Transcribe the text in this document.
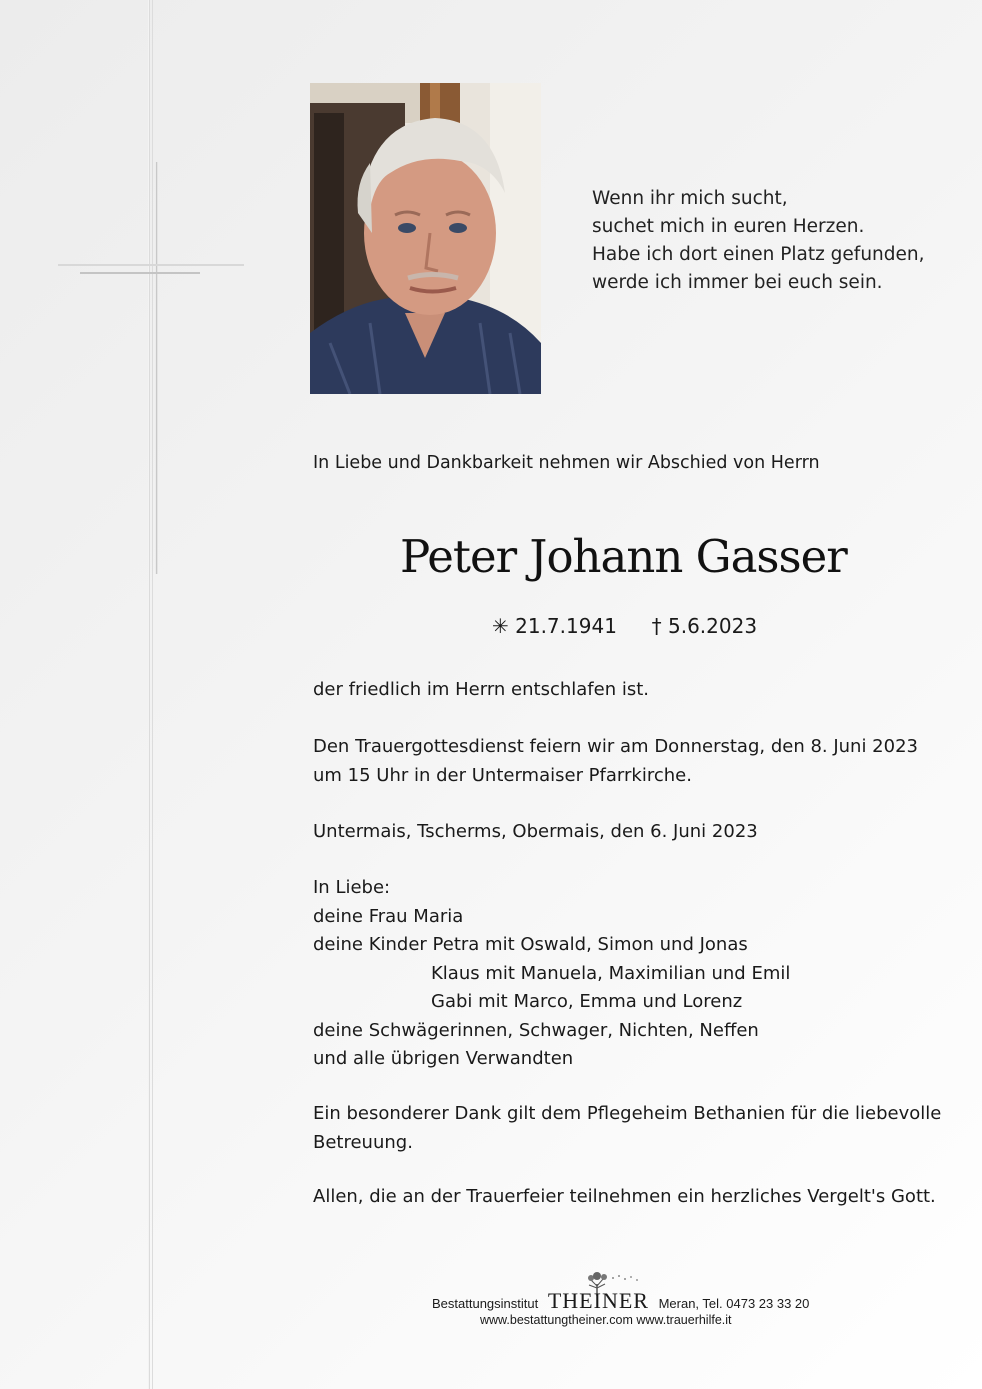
Wenn ihr mich sucht,
suchet mich in euren Herzen.
Habe ich dort einen Platz gefunden,
werde ich immer bei euch sein.
In Liebe und Dankbarkeit nehmen wir Abschied von Herrn
Peter Johann Gasser
✳ 21.7.1941 † 5.6.2023
der friedlich im Herrn entschlafen ist.
Den Trauergottesdienst feiern wir am Donnerstag, den 8. Juni 2023
um 15 Uhr in der Untermaiser Pfarrkirche.
Untermais, Tscherms, Obermais, den 6. Juni 2023
In Liebe:
deine Frau Maria
deine Kinder Petra mit Oswald, Simon und Jonas
Klaus mit Manuela, Maximilian und Emil
Gabi mit Marco, Emma und Lorenz
deine Schwägerinnen, Schwager, Nichten, Neffen
und alle übrigen Verwandten
Ein besonderer Dank gilt dem Pflegeheim Bethanien für die liebevolle
Betreuung.
Allen, die an der Trauerfeier teilnehmen ein herzliches Vergelt's Gott.
Bestattungsinstitut THEINER Meran, Tel. 0473 23 33 20
www.bestattungtheiner.com www.trauerhilfe.it
